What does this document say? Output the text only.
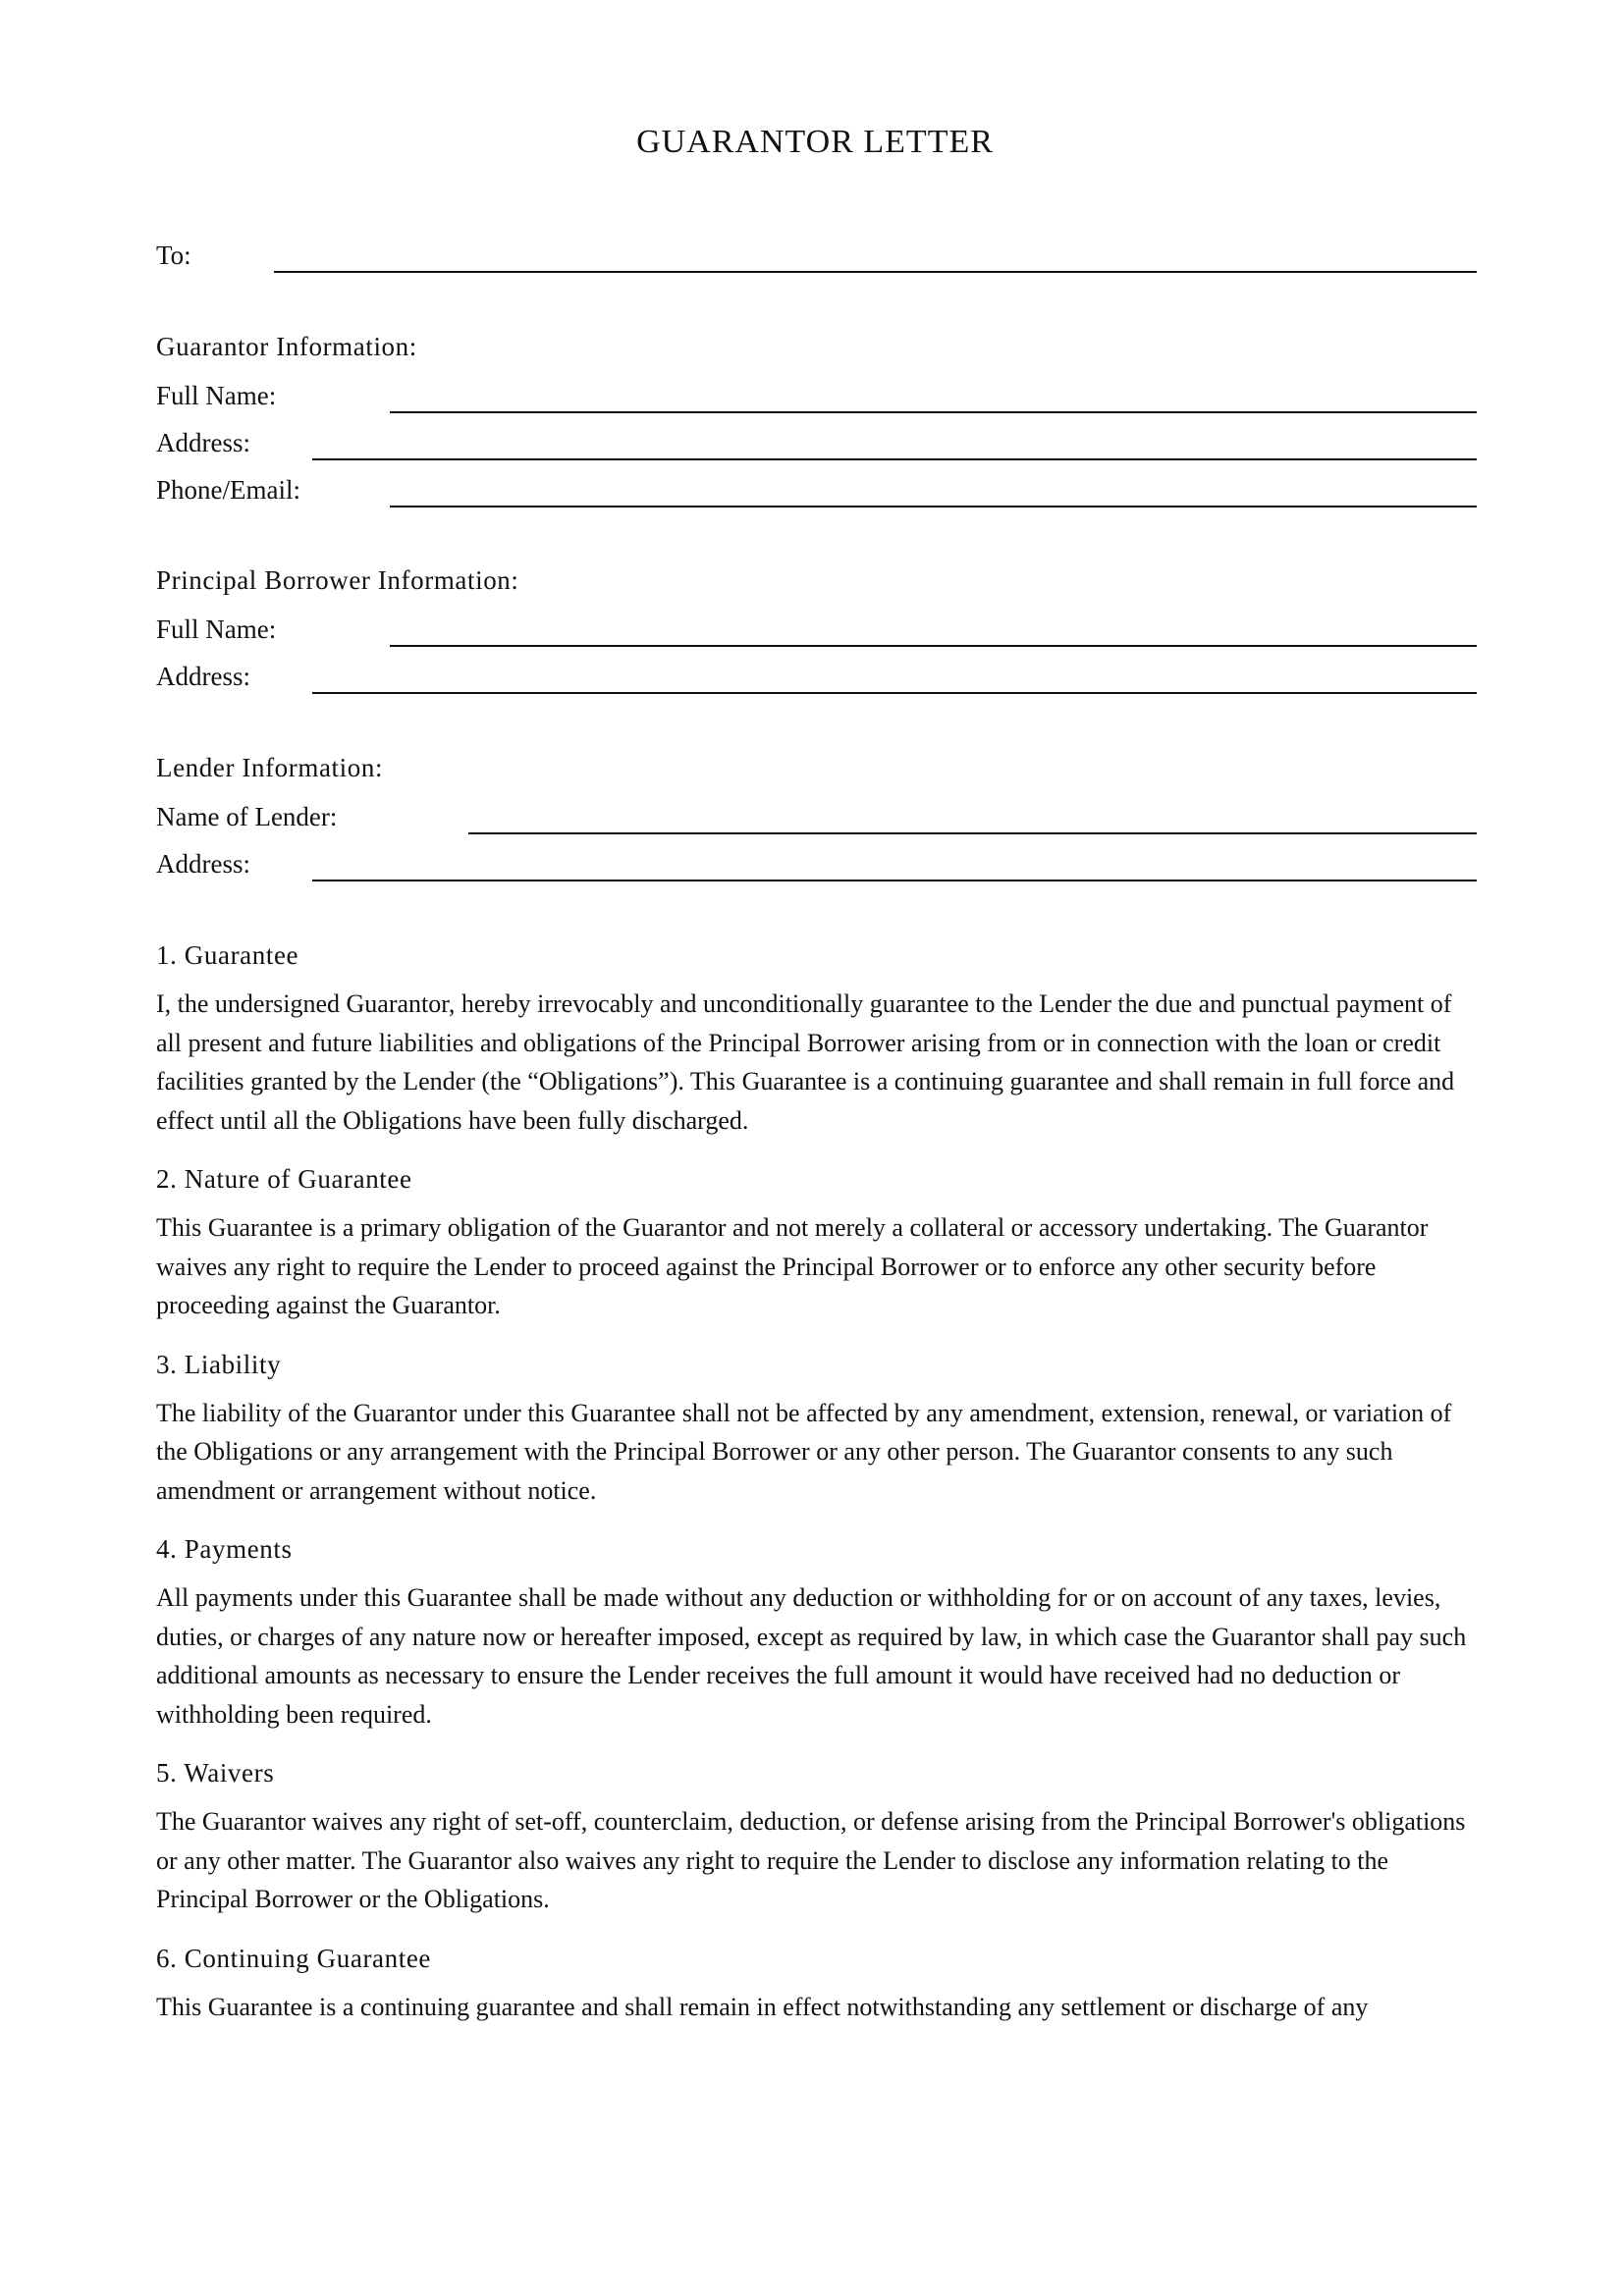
GUARANTOR LETTER
To:
Guarantor Information:
Full Name:
Address:
Phone/Email:
Principal Borrower Information:
Full Name:
Address:
Lender Information:
Name of Lender:
Address:
1. Guarantee

I, the undersigned Guarantor, hereby irrevocably and unconditionally guarantee to the Lender the due and punctual payment of all present and future liabilities and obligations of the Principal Borrower arising from or in connection with the loan or credit facilities granted by the Lender (the “Obligations”). This Guarantee is a continuing guarantee and shall remain in full force and effect until all the Obligations have been fully discharged.

2. Nature of Guarantee

This Guarantee is a primary obligation of the Guarantor and not merely a collateral or accessory undertaking. The Guarantor waives any right to require the Lender to proceed against the Principal Borrower or to enforce any other security before proceeding against the Guarantor.

3. Liability

The liability of the Guarantor under this Guarantee shall not be affected by any amendment, extension, renewal, or variation of the Obligations or any arrangement with the Principal Borrower or any other person. The Guarantor consents to any such amendment or arrangement without notice.

4. Payments

All payments under this Guarantee shall be made without any deduction or withholding for or on account of any taxes, levies, duties, or charges of any nature now or hereafter imposed, except as required by law, in which case the Guarantor shall pay such additional amounts as necessary to ensure the Lender receives the full amount it would have received had no deduction or withholding been required.

5. Waivers

The Guarantor waives any right of set-off, counterclaim, deduction, or defense arising from the Principal Borrower's obligations or any other matter. The Guarantor also waives any right to require the Lender to disclose any information relating to the Principal Borrower or the Obligations.

6. Continuing Guarantee

This Guarantee is a continuing guarantee and shall remain in effect notwithstanding any settlement or discharge of any
